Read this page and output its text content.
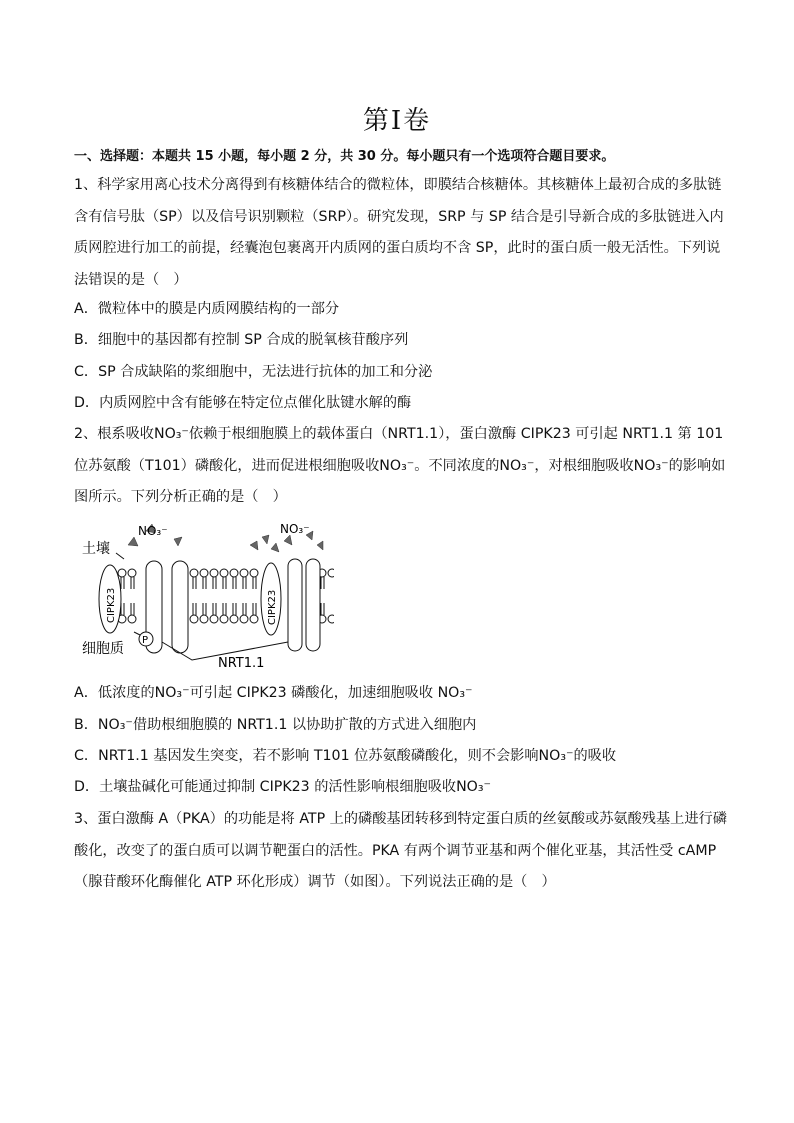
第Ⅰ卷
一、选择题：本题共 15 小题，每小题 2 分，共 30 分。每小题只有一个选项符合题目要求。
1、科学家用离心技术分离得到有核糖体结合的微粒体，即膜结合核糖体。其核糖体上最初合成的多肽链含有信号肽（SP）以及信号识别颗粒（SRP）。研究发现，SRP 与 SP 结合是引导新合成的多肽链进入内质网腔进行加工的前提，经囊泡包裹离开内质网的蛋白质均不含 SP，此时的蛋白质一般无活性。下列说法错误的是（　）
A．微粒体中的膜是内质网膜结构的一部分
B．细胞中的基因都有控制 SP 合成的脱氧核苷酸序列
C．SP 合成缺陷的浆细胞中，无法进行抗体的加工和分泌
D．内质网腔中含有能够在特定位点催化肽键水解的酶
2、根系吸收NO₃⁻依赖于根细胞膜上的载体蛋白（NRT1.1），蛋白激酶 CIPK23 可引起 NRT1.1 第 101 位苏氨酸（T101）磷酸化，进而促进根细胞吸收NO₃⁻。不同浓度的NO₃⁻，对根细胞吸收NO₃⁻的影响如图所示。下列分析正确的是（　）
土壤
细胞质
NRT1.1
NO₃⁻	NO₃⁻
CIPK23	CIPK23
P
A．低浓度的NO₃⁻可引起 CIPK23 磷酸化，加速细胞吸收 NO₃⁻
B．NO₃⁻借助根细胞膜的 NRT1.1 以协助扩散的方式进入细胞内
C．NRT1.1 基因发生突变，若不影响 T101 位苏氨酸磷酸化，则不会影响NO₃⁻的吸收
D．土壤盐碱化可能通过抑制 CIPK23 的活性影响根细胞吸收NO₃⁻
3、蛋白激酶 A（PKA）的功能是将 ATP 上的磷酸基团转移到特定蛋白质的丝氨酸或苏氨酸残基上进行磷酸化，改变了的蛋白质可以调节靶蛋白的活性。PKA 有两个调节亚基和两个催化亚基，其活性受 cAMP（腺苷酸环化酶催化 ATP 环化形成）调节（如图）。下列说法正确的是（　）
